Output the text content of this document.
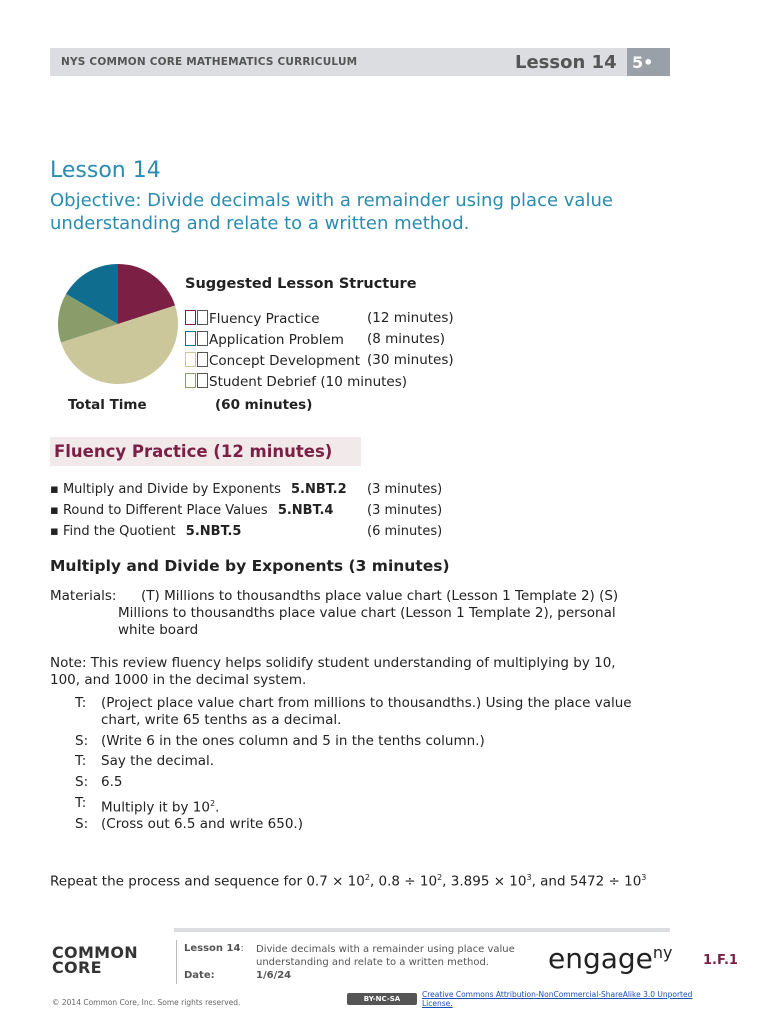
NYS COMMON CORE MATHEMATICS CURRICULUM	Lesson 14 5•
Lesson 14
Objective: Divide decimals with a remainder using place value understanding and relate to a written method.
Suggested Lesson Structure
Fluency Practice	(12 minutes)
Application Problem (8 minutes)
Concept Development (30 minutes)
Student Debrief (10 minutes)
Total Time	(60 minutes)
Fluency Practice (12 minutes)
▪ Multiply and Divide by Exponents 5.NBT.2 (3 minutes)
▪ Round to Different Place Values 5.NBT.4	(3 minutes)
▪ Find the Quotient 5.NBT.5	(6 minutes)
Multiply and Divide by Exponents (3 minutes)
Materials: (T) Millions to thousandths place value chart (Lesson 1 Template 2) (S)
Millions to thousandths place value chart (Lesson 1 Template 2), personal
white board
Note: This review fluency helps solidify student understanding of multiplying by 10,
100, and 1000 in the decimal system.
T: (Project place value chart from millions to thousandths.) Using the place value
chart, write 65 tenths as a decimal.
S: (Write 6 in the ones column and 5 in the tenths column.)
T: Say the decimal.
S: 6.5
T: Multiply it by $10^2$.
S: (Cross out 6.5 and write 650.)
Repeat the process and sequence for $0.7 \times 10^2$, $0.8 \div 10^2$, $3.895 \times 10^3$, and $5472 \div 10^3$
COMMON
CORE
Lesson 14: Divide decimals with a remainder using place value
understanding and relate to a written method.
Date:	1/6/24
engage$^{ny}$ 1.F.1
© 2014 Common Core, Inc. Some rights reserved.	BY-NC-SA	Creative Commons Attribution-NonCommercial-ShareAlike 3.0 Unported License.
